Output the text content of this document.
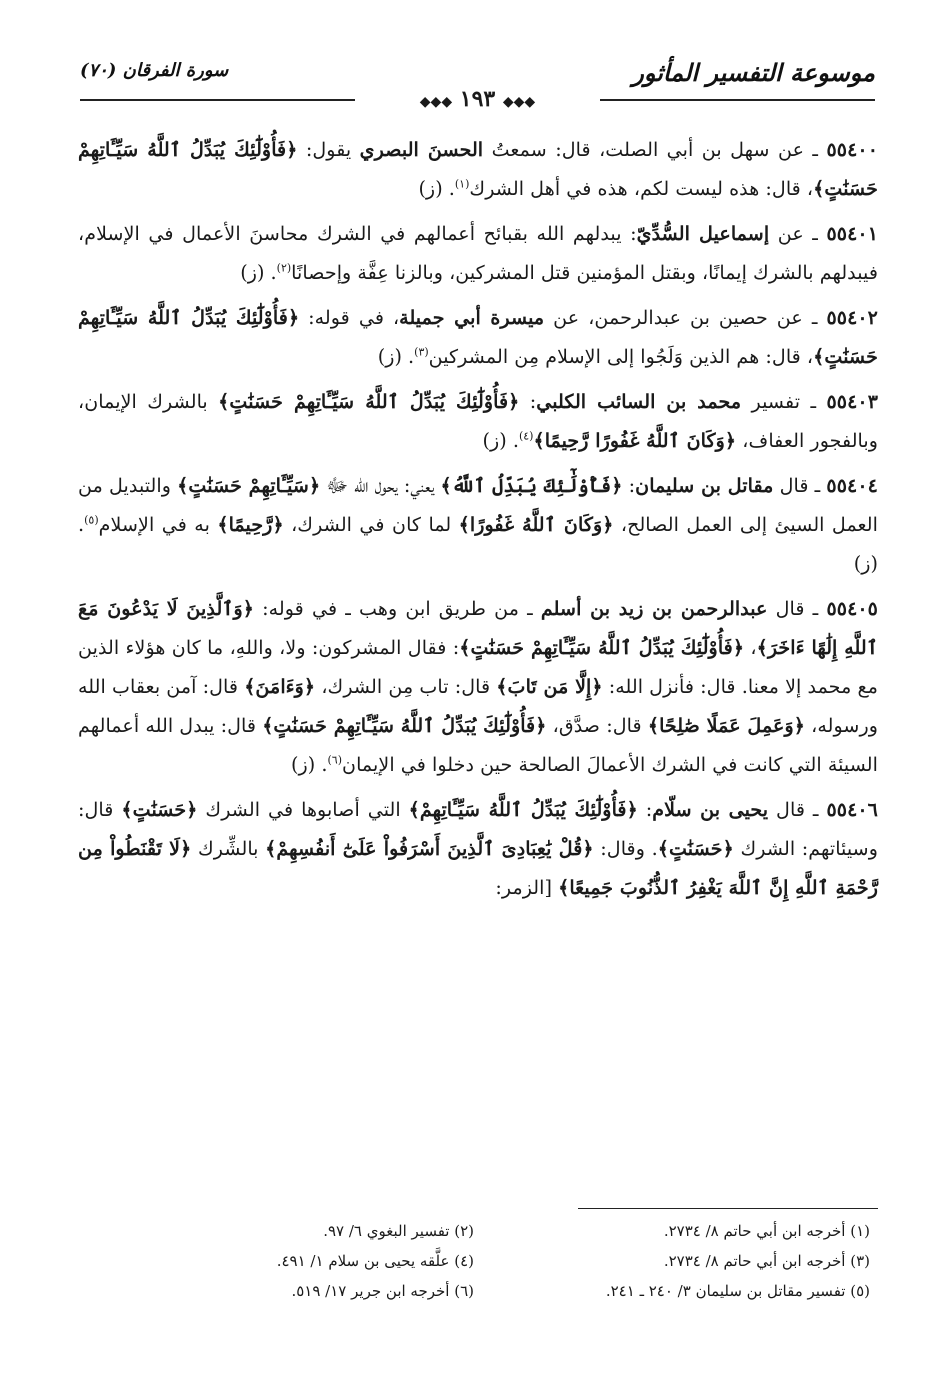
موسوعة التفسير المأثور
سورة الفرقان (٧٠)
◆◆◆ ١٩٣ ◆◆◆

٥٥٤٠٠ ـ عن سهل بن أبي الصلت، قال: سمعتُ الحسنَ البصري يقول: ﴿فَأُوْلَٰٓئِكَ يُبَدِّلُ ٱللَّهُ سَيِّـَٔاتِهِمْ حَسَنَٰتٍ﴾، قال: هذه ليست لكم، هذه في أهل الشرك$^{(١)}$. (ز)

٥٥٤٠١ ـ عن إسماعيل السُّدِّيّ: يبدلهم الله بقبائح أعمالهم في الشرك محاسنَ الأعمال في الإسلام، فيبدلهم بالشرك إيمانًا، وبقتل المؤمنين قتل المشركين، وبالزنا عِفَّة وإحصانًا$^{(٢)}$. (ز)

٥٥٤٠٢ ـ عن حصين بن عبدالرحمن، عن ميسرة أبي جميلة، في قوله: ﴿فَأُوْلَٰٓئِكَ يُبَدِّلُ ٱللَّهُ سَيِّـَٔاتِهِمْ حَسَنَٰتٍ﴾، قال: هم الذين وَلَجُوا إلى الإسلام مِن المشركين$^{(٣)}$. (ز)

٥٥٤٠٣ ـ تفسير محمد بن السائب الكلبي: ﴿فَأُوْلَٰٓئِكَ يُبَدِّلُ ٱللَّهُ سَيِّـَٔاتِهِمْ حَسَنَٰتٍ﴾ بالشرك الإيمان، وبالفجور العفاف، ﴿وَكَانَ ٱللَّهُ غَفُورًا رَّحِيمًا﴾$^{(٤)}$. (ز)

٥٥٤٠٤ ـ قال مقاتل بن سليمان: ﴿فَأُوْلَٰٓئِكَ يُبَدِّلُ ٱللَّهُ﴾ يعني: يحول الله ﷻ ﴿سَيِّـَٔاتِهِمْ حَسَنَٰتٍ﴾ والتبديل من العمل السيئ إلى العمل الصالح، ﴿وَكَانَ ٱللَّهُ غَفُورًا﴾ لما كان في الشرك، ﴿رَّحِيمًا﴾ به في الإسلام$^{(٥)}$. (ز)

٥٥٤٠٥ ـ قال عبدالرحمن بن زيد بن أسلم ـ من طريق ابن وهب ـ في قوله: ﴿وَٱلَّذِينَ لَا يَدْعُونَ مَعَ ٱللَّهِ إِلَٰهًا ءَاخَرَ﴾، ﴿فَأُوْلَٰٓئِكَ يُبَدِّلُ ٱللَّهُ سَيِّـَٔاتِهِمْ حَسَنَٰتٍ﴾: فقال المشركون: ولا، واللهِ، ما كان هؤلاء الذين مع محمد إلا معنا. قال: فأنزل الله: ﴿إِلَّا مَن تَابَ﴾ قال: تاب مِن الشرك، ﴿وَءَامَنَ﴾ قال: آمن بعقاب الله ورسوله، ﴿وَعَمِلَ عَمَلًا صَٰلِحًا﴾ قال: صدَّق، ﴿فَأُوْلَٰٓئِكَ يُبَدِّلُ ٱللَّهُ سَيِّـَٔاتِهِمْ حَسَنَٰتٍ﴾ قال: يبدل الله أعمالهم السيئة التي كانت في الشرك الأعمالَ الصالحة حين دخلوا في الإيمان$^{(٦)}$. (ز)

٥٥٤٠٦ ـ قال يحيى بن سلّام: ﴿فَأُوْلَٰٓئِكَ يُبَدِّلُ ٱللَّهُ سَيِّـَٔاتِهِمْ﴾ التي أصابوها في الشرك ﴿حَسَنَٰتٍ﴾ قال: وسيئاتهم: الشرك ﴿حَسَنَٰتٍ﴾. وقال: ﴿قُلْ يَٰعِبَادِىَ ٱلَّذِينَ أَسْرَفُواْ عَلَىٰٓ أَنفُسِهِمْ﴾ بالشِّرك ﴿لَا تَقْنَطُواْ مِن رَّحْمَةِ ٱللَّهِ إِنَّ ٱللَّهَ يَغْفِرُ ٱلذُّنُوبَ جَمِيعًا﴾ [الزمر:

(١) أخرجه ابن أبي حاتم ٨/ ٢٧٣٤.
(٢) تفسير البغوي ٦/ ٩٧.
(٣) أخرجه ابن أبي حاتم ٨/ ٢٧٣٤.
(٤) علَّقه يحيى بن سلام ١/ ٤٩١.
(٥) تفسير مقاتل بن سليمان ٣/ ٢٤٠ ـ ٢٤١.
(٦) أخرجه ابن جرير ١٧/ ٥١٩.
